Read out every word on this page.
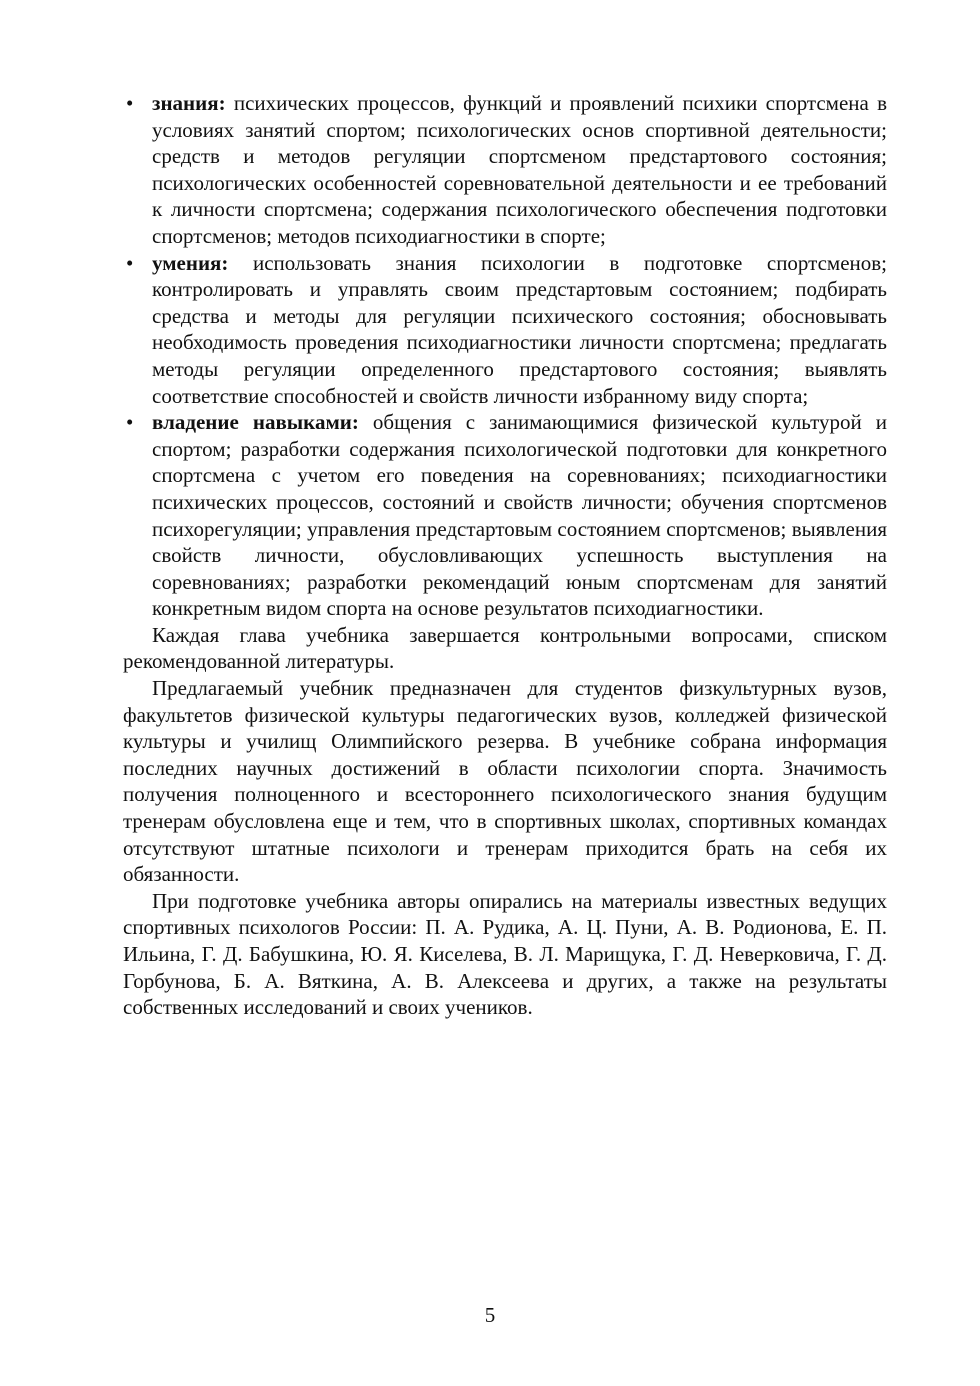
• знания: психических процессов, функций и проявлений психики спортсмена в условиях занятий спортом; психологических основ спортивной деятельности; средств и методов регуляции спортсменом предстартового состояния; психологических особенностей соревновательной деятельности и ее требований к личности спортсмена; содержания психологического обеспечения подготовки спортсменов; методов психодиагностики в спорте;
• умения: использовать знания психологии в подготовке спортсменов; контролировать и управлять своим предстартовым состоянием; подбирать средства и методы для регуляции психического состояния; обосновывать необходимость проведения психодиагностики личности спортсмена; предлагать методы регуляции определенного предстартового состояния; выявлять соответствие способностей и свойств личности избранному виду спорта;
• владение навыками: общения с занимающимися физической культурой и спортом; разработки содержания психологической подготовки для конкретного спортсмена с учетом его поведения на соревнованиях; психодиагностики психических процессов, состояний и свойств личности; обучения спортсменов психорегуляции; управления предстартовым состоянием спортсменов; выявления свойств личности, обусловливающих успешность выступления на соревнованиях; разработки рекомендаций юным спортсменам для занятий конкретным видом спорта на основе результатов психодиагностики.

Каждая глава учебника завершается контрольными вопросами, списком рекомендованной литературы.

Предлагаемый учебник предназначен для студентов физкультурных вузов, факультетов физической культуры педагогических вузов, колледжей физической культуры и училищ Олимпийского резерва. В учебнике собрана информация последних научных достижений в области психологии спорта. Значимость получения полноценного и всестороннего психологического знания будущим тренерам обусловлена еще и тем, что в спортивных школах, спортивных командах отсутствуют штатные психологи и тренерам приходится брать на себя их обязанности.

При подготовке учебника авторы опирались на материалы известных ведущих спортивных психологов России: П. А. Рудика, А. Ц. Пуни, А. В. Родионова, Е. П. Ильина, Г. Д. Бабушкина, Ю. Я. Киселева, В. Л. Марищука, Г. Д. Неверковича, Г. Д. Горбунова, Б. А. Вяткина, А. В. Алексеева и других, а также на результаты собственных исследований и своих учеников.

5
